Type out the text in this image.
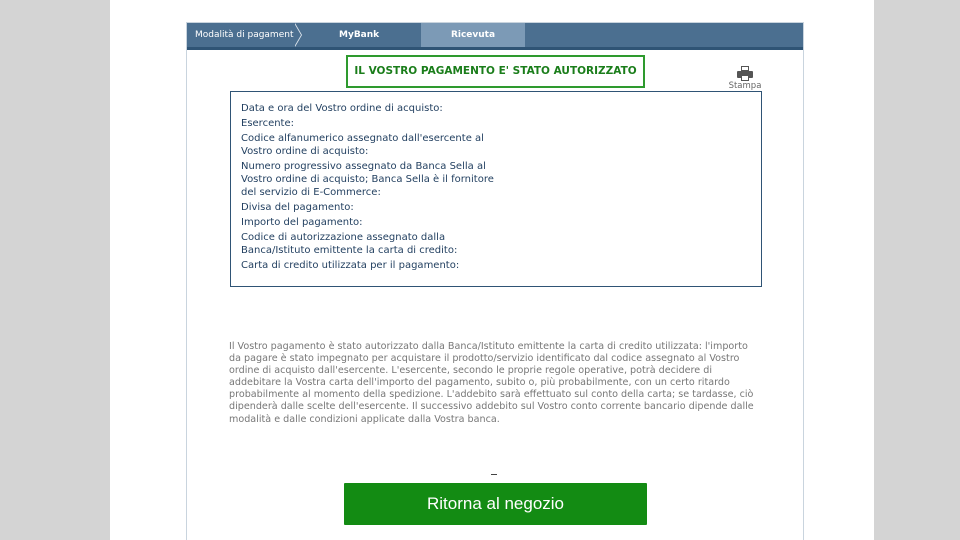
Modalità di pagamento	MyBank	Ricevuta
IL VOSTRO PAGAMENTO E' STATO AUTORIZZATO
Stampa
Data e ora del Vostro ordine di acquisto:
Esercente:
Codice alfanumerico assegnato dall'esercente al Vostro ordine di acquisto:
Numero progressivo assegnato da Banca Sella al Vostro ordine di acquisto; Banca Sella è il fornitore del servizio di E-Commerce:
Divisa del pagamento:
Importo del pagamento:
Codice di autorizzazione assegnato dalla Banca/Istituto emittente la carta di credito:
Carta di credito utilizzata per il pagamento:
Il Vostro pagamento è stato autorizzato dalla Banca/Istituto emittente la carta di credito utilizzata: l'importo da pagare è stato impegnato per acquistare il prodotto/servizio identificato dal codice assegnato al Vostro ordine di acquisto dall'esercente. L'esercente, secondo le proprie regole operative, potrà decidere di addebitare la Vostra carta dell'importo del pagamento, subito o, più probabilmente, con un certo ritardo probabilmente al momento della spedizione. L'addebito sarà effettuato sul conto della carta; se tardasse, ciò dipenderà dalle scelte dell'esercente. Il successivo addebito sul Vostro conto corrente bancario dipende dalle modalità e dalle condizioni applicate dalla Vostra banca.
Ritorna al negozio
